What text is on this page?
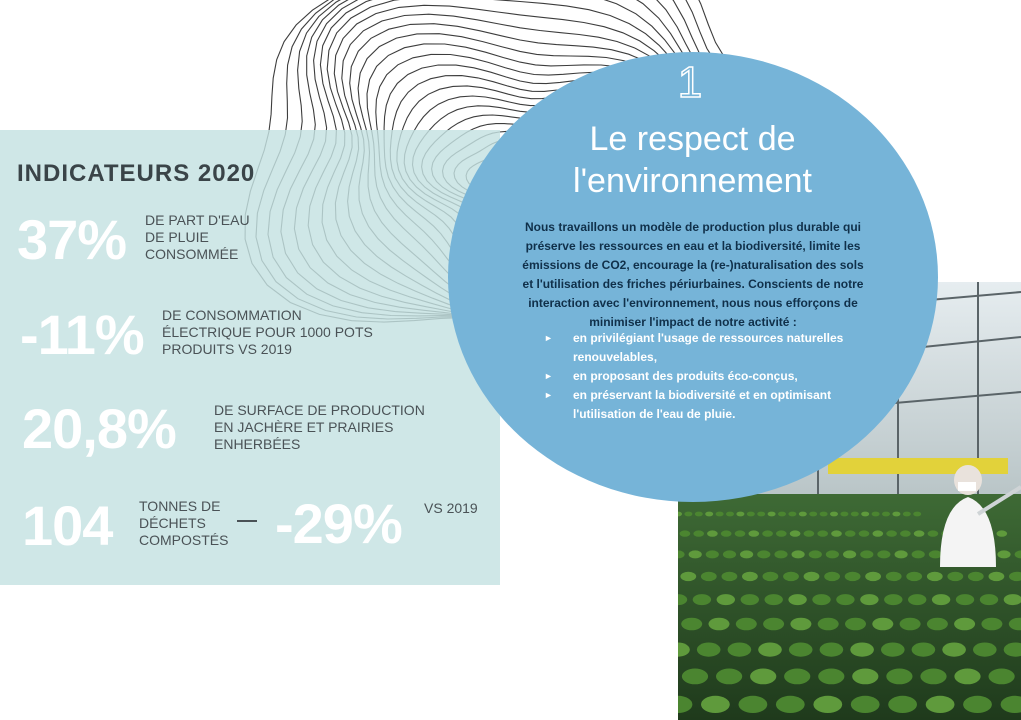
INDICATEURS 2020
37% DE PART D'EAU
DE PLUIE
CONSOMMÉE
-11% DE CONSOMMATION
ÉLECTRIQUE POUR 1000 POTS
PRODUITS VS 2019
20,8%	DE SURFACE DE PRODUCTION
EN JACHÈRE ET PRAIRIES
ENHERBÉES
104 TONNES DE
DÉCHETS
COMPOSTÉS -29% VS 2019
1
Le respect de
l'environnement
Nous travaillons un modèle de production plus durable qui
préserve les ressources en eau et la biodiversité, limite les
émissions de CO2, encourage la (re-)naturalisation des sols
et l'utilisation des friches périurbaines. Conscients de notre
interaction avec l'environnement, nous nous efforçons de
minimiser l'impact de notre activité :
► en privilégiant l'usage de ressources naturelles
renouvelables,
► en proposant des produits éco-conçus,
► en préservant la biodiversité et en optimisant
l'utilisation de l'eau de pluie.
